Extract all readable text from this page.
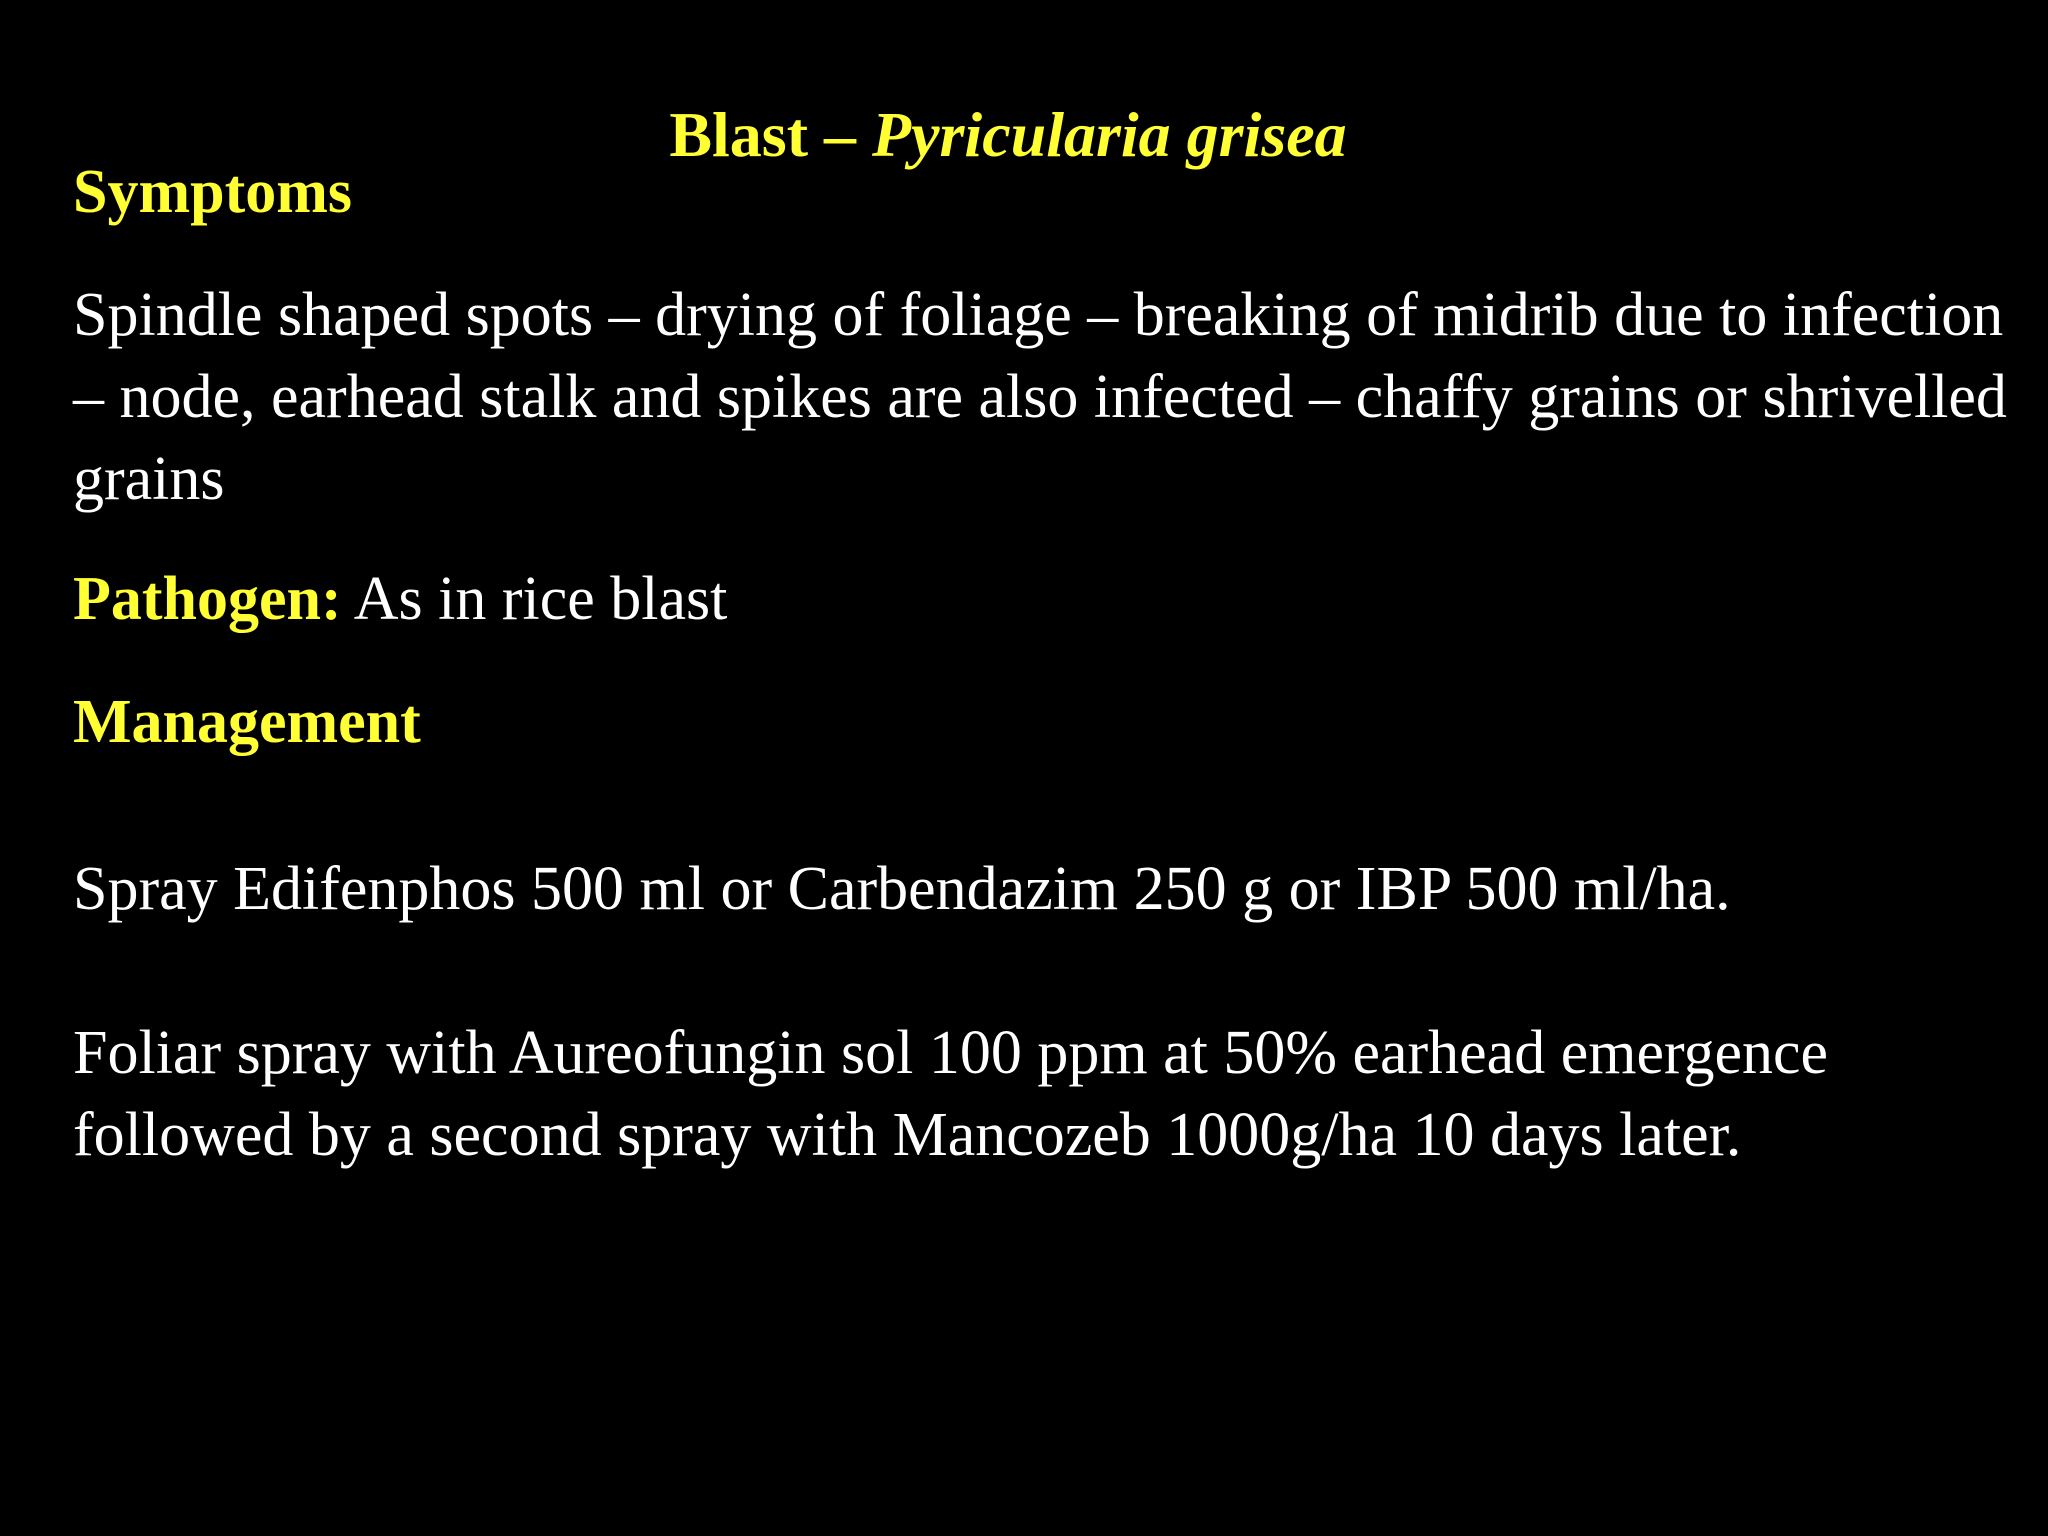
Blast – Pyricularia grisea
Symptoms

Spindle shaped spots – drying of foliage – breaking of midrib due to infection – node, earhead stalk and spikes are also infected – chaffy grains or shrivelled grains

Pathogen: As in rice blast

Management

Spray Edifenphos 500 ml or Carbendazim 250 g or IBP 500 ml/ha.

Foliar spray with Aureofungin sol 100 ppm at 50% earhead emergence followed by a second spray with Mancozeb 1000g/ha 10 days later.
